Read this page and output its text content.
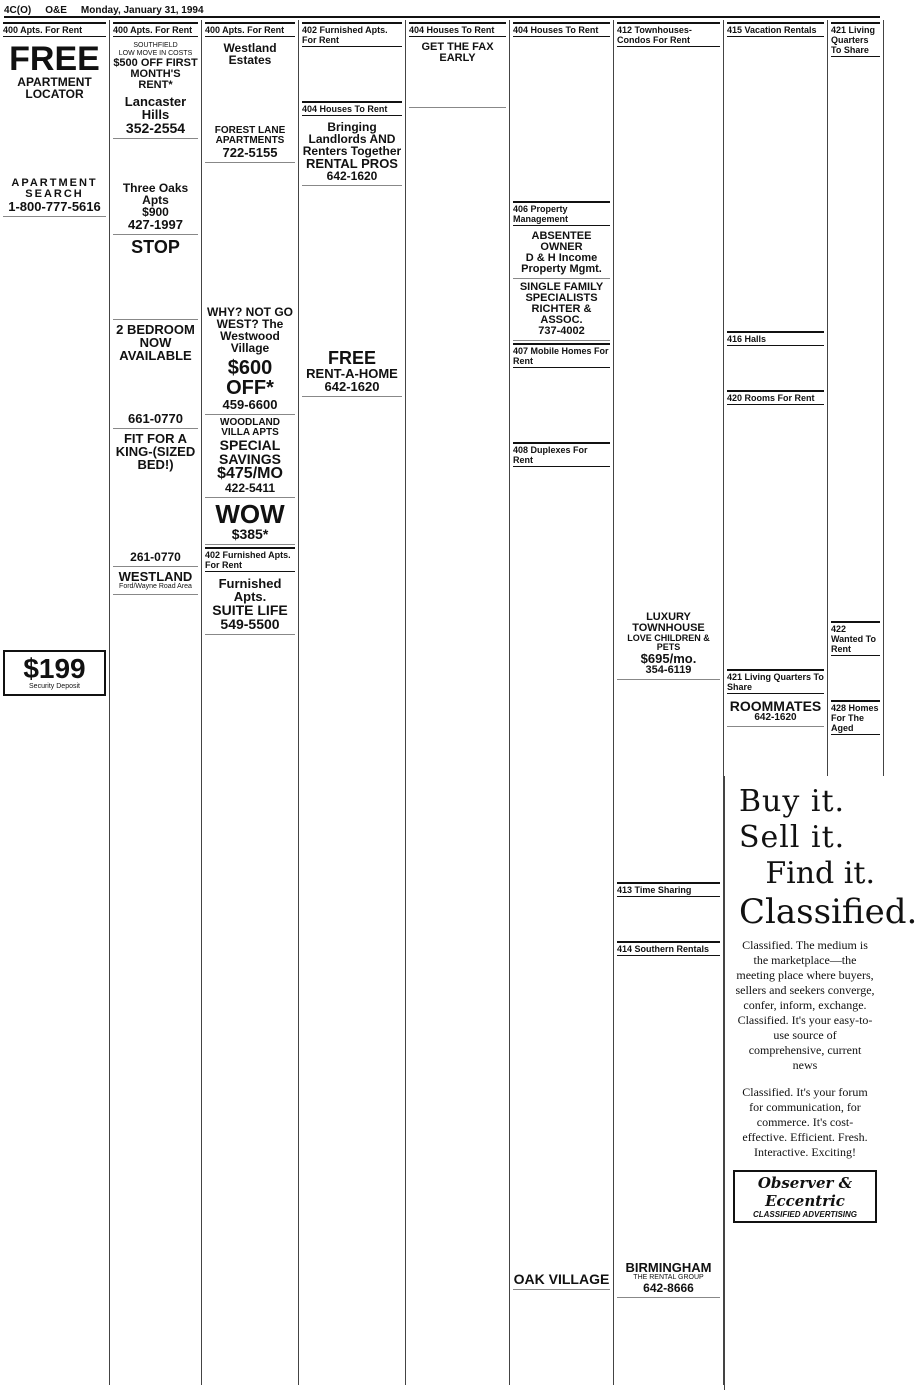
4C(O) O&E Monday, January 31, 1994
400 Apts. For Rent
FREE
APARTMENT LOCATOR
APARTMENT SEARCH
1-800-777-5616
$199
Security Deposit
400 Apts. For Rent
SOUTHFIELD
LOW MOVE IN COSTS
$500 OFF FIRST MONTH'S RENT*
Lancaster Hills
352-2554
Three Oaks Apts
$900
427-1997
STOP
2 BEDROOM NOW AVAILABLE
661-0770
FIT FOR A KING-(SIZED BED!)
261-0770
WESTLAND
Ford/Wayne Road Area
400 Apts. For Rent
Westland Estates
FOREST LANE APARTMENTS
722-5155
WHY? NOT GO WEST? The Westwood Village
$600 OFF*
459-6600
WOODLAND VILLA APTS
SPECIAL SAVINGS
$475/MO
422-5411
WOW
$385*
402 Furnished Apts. For Rent
Furnished Apts.
SUITE LIFE
549-5500
402 Furnished Apts. For Rent
404 Houses To Rent
Bringing Landlords AND Renters Together
RENTAL PROS
642-1620
FREE
RENT-A-HOME
642-1620
404 Houses To Rent
GET THE FAX EARLY
404 Houses To Rent
406 Property Management
ABSENTEE OWNER
D & H Income Property Mgmt.
SINGLE FAMILY SPECIALISTS
RICHTER & ASSOC.
737-4002
407 Mobile Homes For Rent
408 Duplexes For Rent
OAK VILLAGE
412 Townhouses-Condos For Rent
LUXURY TOWNHOUSE
LOVE CHILDREN & PETS
$695/mo.
354-6119
413 Time Sharing
414 Southern Rentals
BIRMINGHAM
THE RENTAL GROUP
642-8666
415 Vacation Rentals
416 Halls
420 Rooms For Rent
421 Living Quarters To Share
ROOMMATES
642-1620
421 Living Quarters To Share
422 Wanted To Rent
428 Homes For The Aged
Buy it. Sell it.
Find it.
Classified.
Classified. The medium is the marketplace—the meeting place where buyers, sellers and seekers converge, confer, inform, exchange. Classified. It's your easy-to-use source of comprehensive, current news
Classified. It's your forum for communication, for commerce. It's cost-effective. Efficient. Fresh. Interactive. Exciting!
Observer & Eccentric
CLASSIFIED ADVERTISING
